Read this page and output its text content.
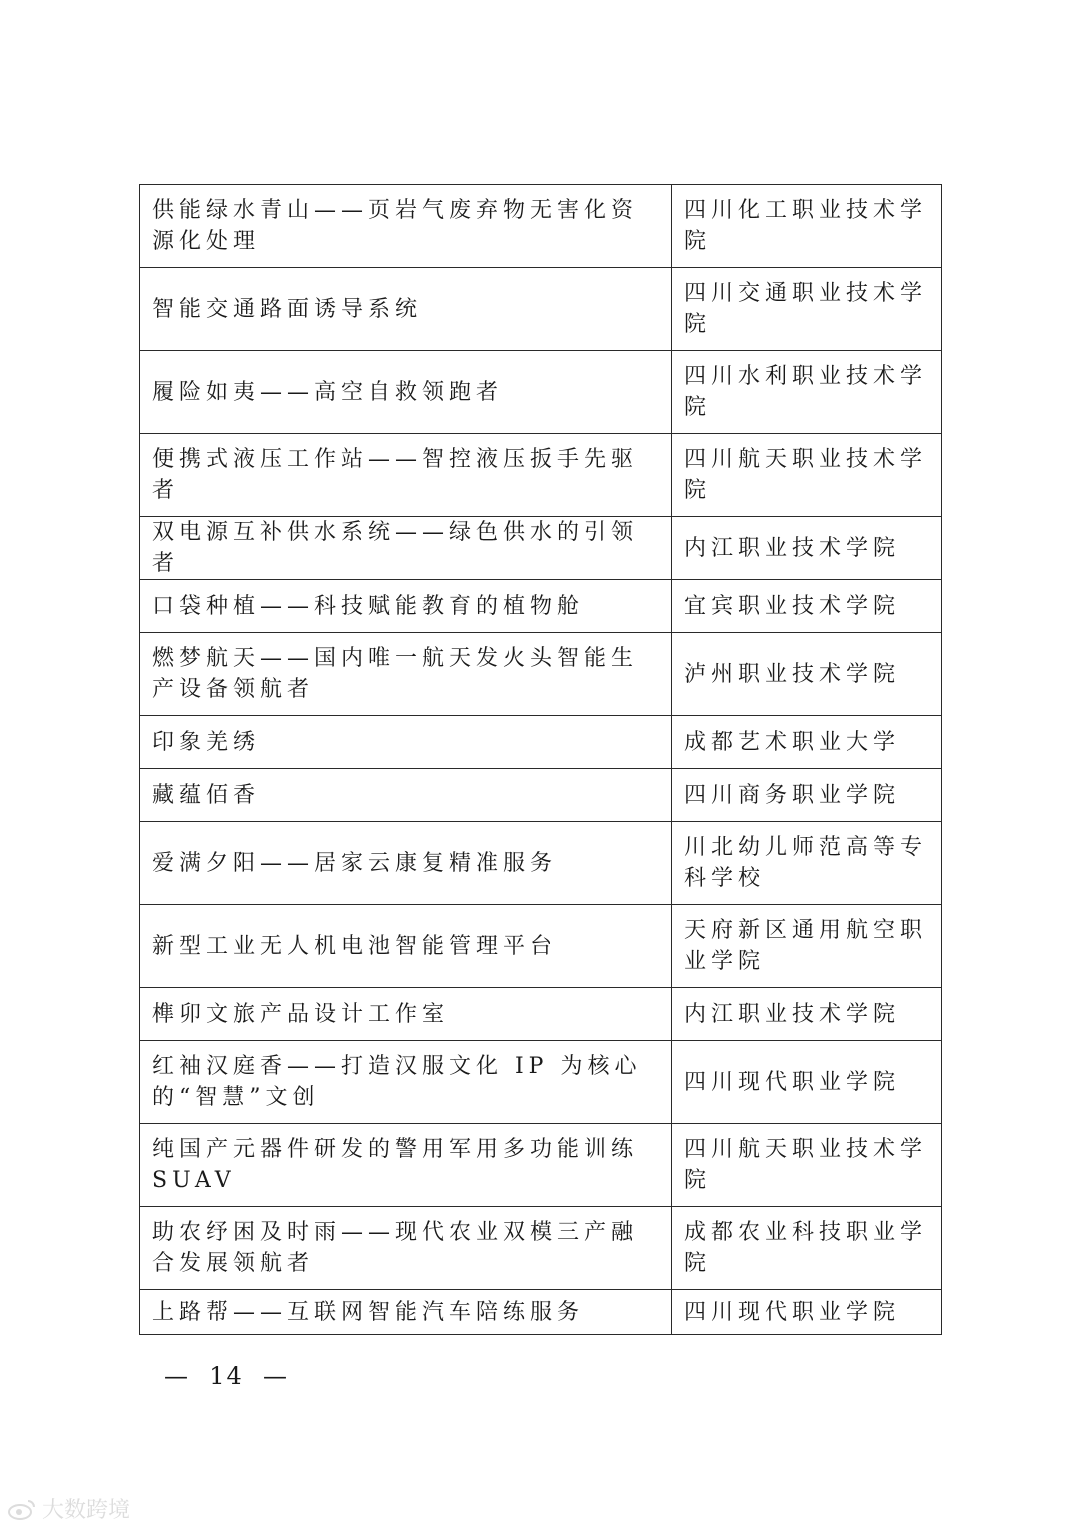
供能绿水青山——页岩气废弃物无害化资源化处理	四川化工职业技术学院
智能交通路面诱导系统	四川交通职业技术学院
履险如夷——高空自救领跑者	四川水利职业技术学院
便携式液压工作站——智控液压扳手先驱者	四川航天职业技术学院
双电源互补供水系统——绿色供水的引领者	内江职业技术学院
口袋种植——科技赋能教育的植物舱	宜宾职业技术学院
燃梦航天——国内唯一航天发火头智能生产设备领航者	泸州职业技术学院
印象羌绣	成都艺术职业大学
藏蕴佰香	四川商务职业学院
爱满夕阳——居家云康复精准服务	川北幼儿师范高等专科学校
新型工业无人机电池智能管理平台	天府新区通用航空职业学院
榫卯文旅产品设计工作室	内江职业技术学院
红袖汉庭香——打造汉服文化 IP 为核心的“智慧”文创	四川现代职业学院
纯国产元器件研发的警用军用多功能训练 SUAV	四川航天职业技术学院
助农纾困及时雨——现代农业双模三产融合发展领航者	成都农业科技职业学院
上路帮——互联网智能汽车陪练服务	四川现代职业学院
—  14  —
大数跨境
